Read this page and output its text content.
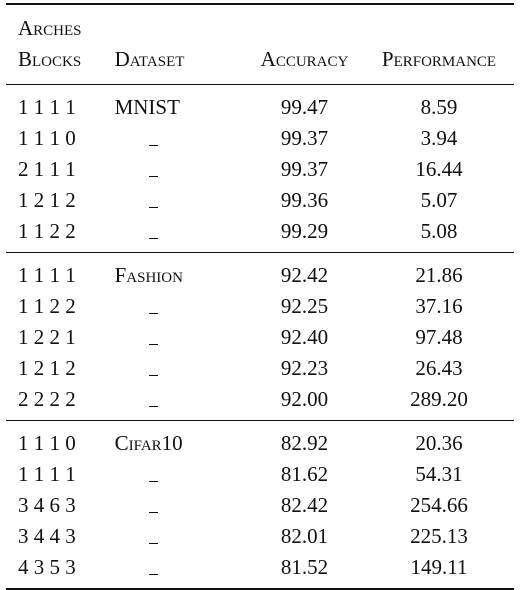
Arches			
Blocks	Dataset	Accuracy	Performance
1 1 1 1	MNIST	99.47	8.59
1 1 1 0		99.37	3.94
2 1 1 1		99.37	16.44
1 2 1 2		99.36	5.07
1 1 2 2		99.29	5.08
1 1 1 1	Fashion	92.42	21.86
1 1 2 2		92.25	37.16
1 2 2 1		92.40	97.48
1 2 1 2		92.23	26.43
2 2 2 2		92.00	289.20
1 1 1 0	Cifar10	82.92	20.36
1 1 1 1		81.62	54.31
3 4 6 3		82.42	254.66
3 4 4 3		82.01	225.13
4 3 5 3		81.52	149.11
